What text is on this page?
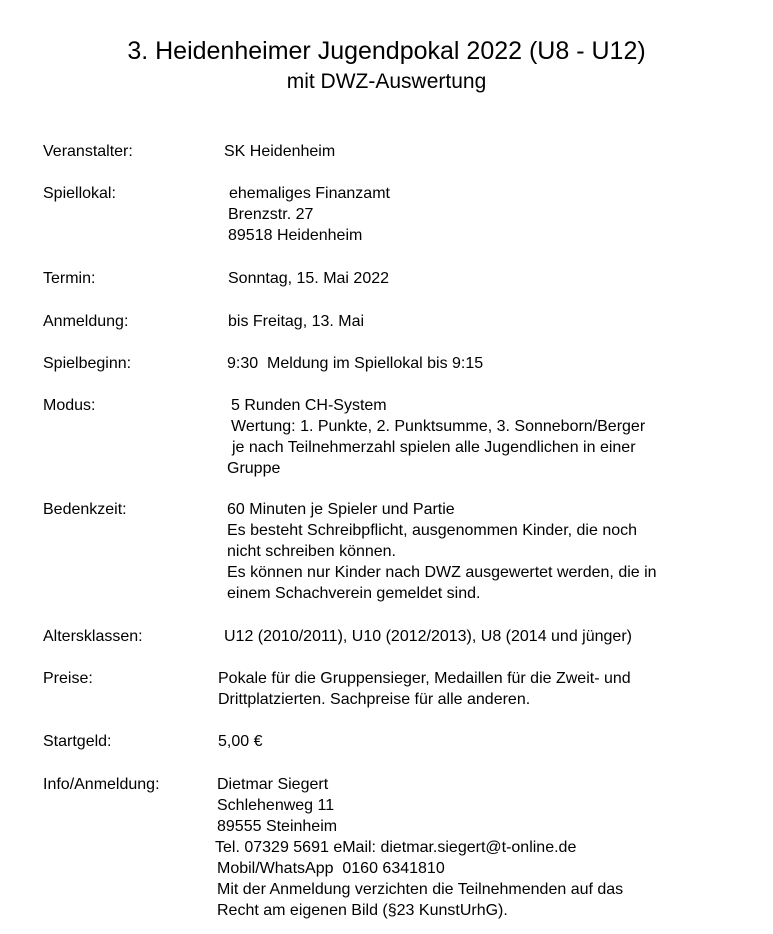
3. Heidenheimer Jugendpokal 2022 (U8 - U12)
mit DWZ-Auswertung
Veranstalter:	SK Heidenheim
Spiellokal:	ehemaliges Finanzamt
Brenzstr. 27
89518 Heidenheim
Termin:	Sonntag, 15. Mai 2022
Anmeldung:	bis Freitag, 13. Mai
Spielbeginn:	9:30  Meldung im Spiellokal bis 9:15
Modus:	5 Runden CH-System
Wertung: 1. Punkte, 2. Punktsumme, 3. Sonneborn/Berger
je nach Teilnehmerzahl spielen alle Jugendlichen in einer
Gruppe
Bedenkzeit:	60 Minuten je Spieler und Partie
Es besteht Schreibpflicht, ausgenommen Kinder, die noch
nicht schreiben können.
Es können nur Kinder nach DWZ ausgewertet werden, die in
einem Schachverein gemeldet sind.
Altersklassen:	U12 (2010/2011), U10 (2012/2013), U8 (2014 und jünger)
Preise:	Pokale für die Gruppensieger, Medaillen für die Zweit- und
Drittplatzierten. Sachpreise für alle anderen.
Startgeld:	5,00 €
Info/Anmeldung:	Dietmar Siegert
Schlehenweg 11
89555 Steinheim
Tel. 07329 5691 eMail: dietmar.siegert@t-online.de
Mobil/WhatsApp  0160 6341810
Mit der Anmeldung verzichten die Teilnehmenden auf das
Recht am eigenen Bild (§23 KunstUrhG).
